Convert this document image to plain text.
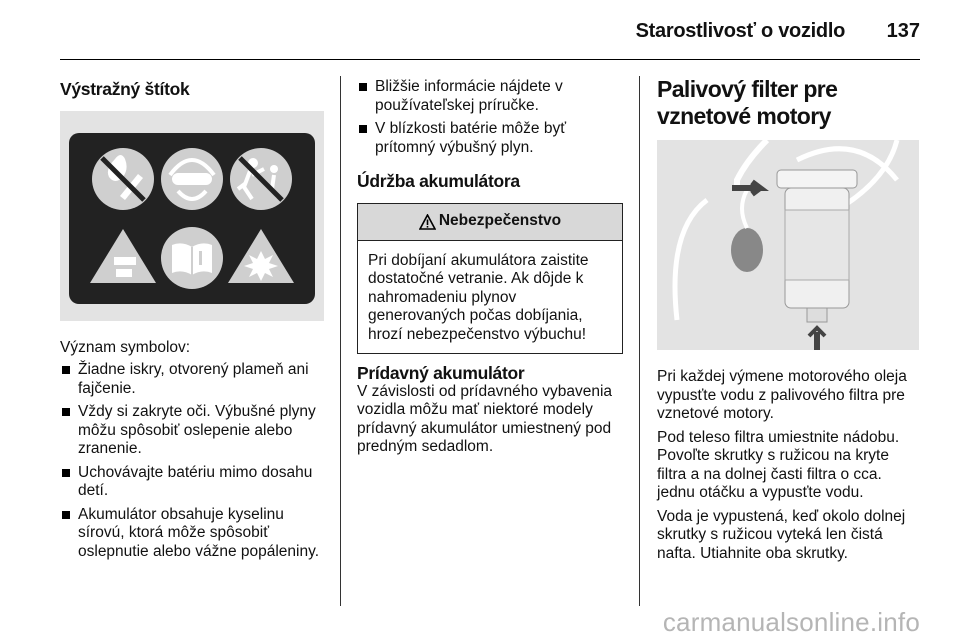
Starostlivosť o vozidlo 137
Výstražný štítok

Význam symbolov:

Žiadne iskry, otvorený plameň ani fajčenie.
Vždy si zakryte oči. Výbušné plyny môžu spôsobiť oslepenie alebo zranenie.
Uchovávajte batériu mimo dosahu detí.
Akumulátor obsahuje kyselinu sírovú, ktorá môže spôsobiť oslepnutie alebo vážne popáleniny.
Bližšie informácie nájdete v používateľskej príručke.
V blízkosti batérie môže byť prítomný výbušný plyn.
Údržba akumulátora
Nebezpečenstvo
Pri dobíjaní akumulátora zaistite dostatočné vetranie. Ak dôjde k nahromadeniu plynov generovaných počas dobíjania, hrozí nebezpečenstvo výbuchu!
Prídavný akumulátor

V závislosti od prídavného vybavenia vozidla môžu mať niektoré modely prídavný akumulátor umiestnený pod predným sedadlom.

Palivový filter pre vznetové motory

Pri každej výmene motorového oleja vypusťte vodu z palivového filtra pre vznetové motory.

Pod teleso filtra umiestnite nádobu. Povoľte skrutky s ružicou na kryte filtra a na dolnej časti filtra o cca. jednu otáčku a vypusťte vodu.

Voda je vypustená, keď okolo dolnej skrutky s ružicou vyteká len čistá nafta. Utiahnite oba skrutky.

carmanualsonline.info
